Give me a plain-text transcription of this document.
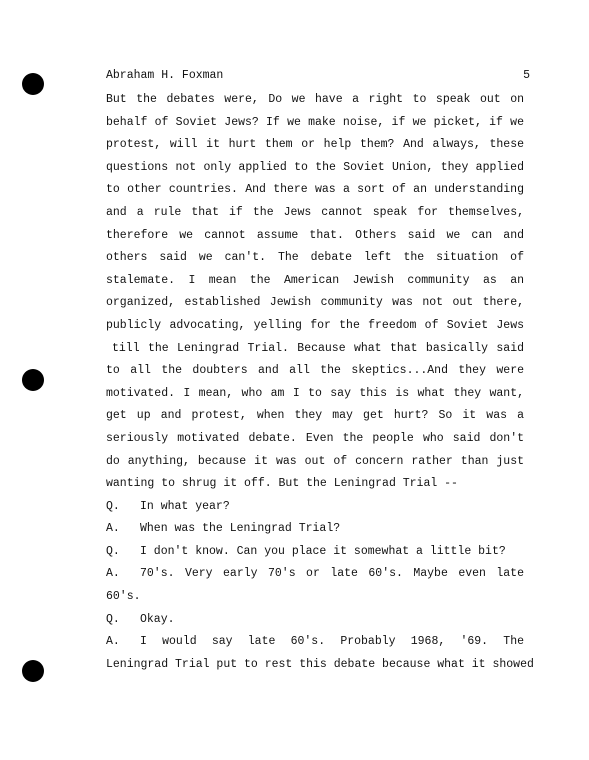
Abraham H. Foxman	5
But the debates were, Do we have a right to speak out on
behalf of Soviet Jews? If we make noise, if we picket, if we
protest, will it hurt them or help them? And always, these
questions not only applied to the Soviet Union, they applied
to other countries. And there was a sort of an understanding
and a rule that if the Jews cannot speak for themselves,
therefore we cannot assume that. Others said we can and
others said we can't. The debate left the situation of
stalemate. I mean the American Jewish community as an
organized, established Jewish community was not out there,
publicly advocating, yelling for the freedom of Soviet Jews
till the Leningrad Trial. Because what that basically said
to all the doubters and all the skeptics...And they were
motivated. I mean, who am I to say this is what they want,
get up and protest, when they may get hurt? So it was a
seriously motivated debate. Even the people who said don't
do anything, because it was out of concern rather than just
wanting to shrug it off. But the Leningrad Trial --
Q.	In what year?
A.	When was the Leningrad Trial?
Q.	I don't know. Can you place it somewhat a little bit?
A.	70's. Very early 70's or late 60's. Maybe even late
60's.
Q.	Okay.
A.	I would say late 60's. Probably 1968, '69. The
Leningrad Trial put to rest this debate because what it showed
